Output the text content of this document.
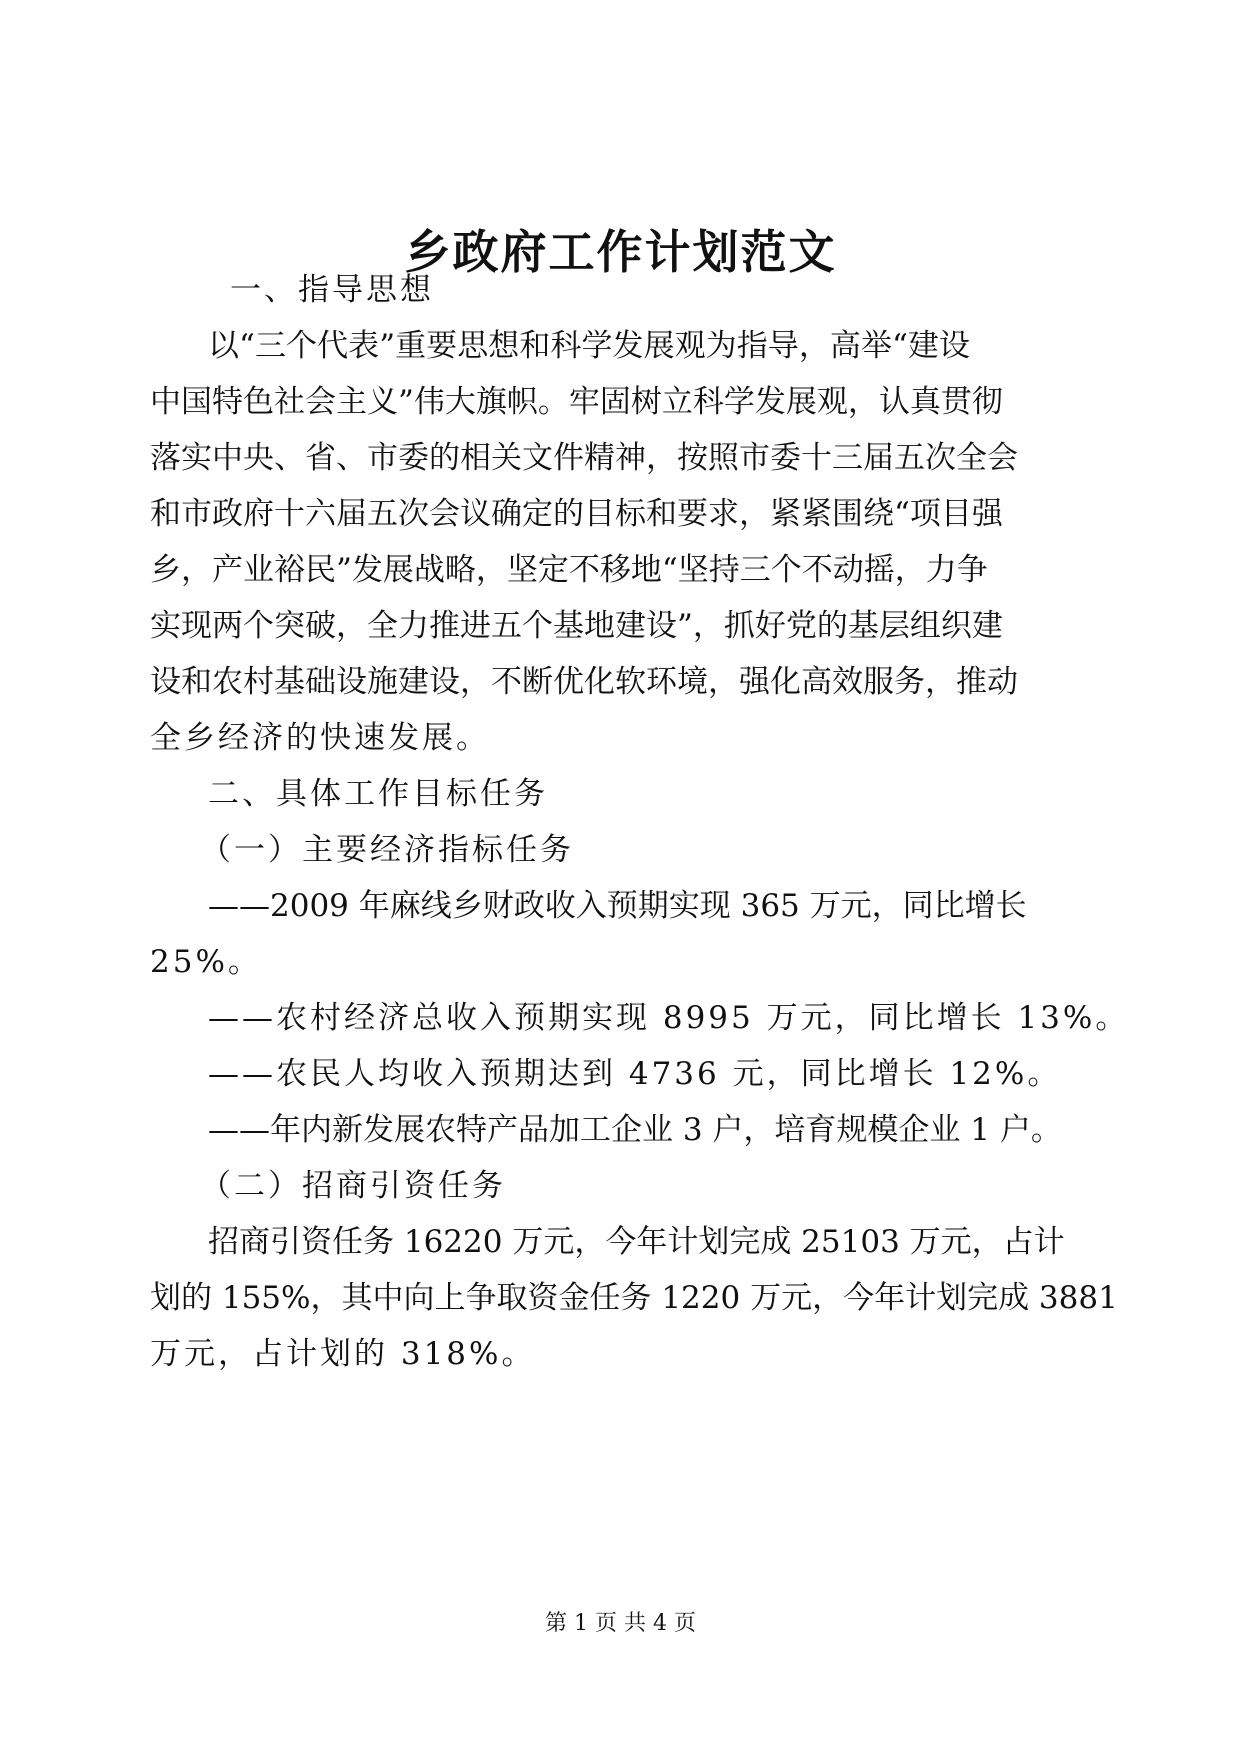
乡政府工作计划范文
一、指导思想
以“三个代表”重要思想和科学发展观为指导，高举“建设
中国特色社会主义”伟大旗帜。牢固树立科学发展观，认真贯彻
落实中央、省、市委的相关文件精神，按照市委十三届五次全会
和市政府十六届五次会议确定的目标和要求，紧紧围绕“项目强
乡，产业裕民”发展战略，坚定不移地“坚持三个不动摇，力争
实现两个突破，全力推进五个基地建设”，抓好党的基层组织建
设和农村基础设施建设，不断优化软环境，强化高效服务，推动
全乡经济的快速发展。
二、具体工作目标任务
（一）主要经济指标任务
——2009 年麻线乡财政收入预期实现 365 万元，同比增长
25%。
——农村经济总收入预期实现 8995 万元，同比增长 13%。
——农民人均收入预期达到 4736 元，同比增长 12%。
——年内新发展农特产品加工企业 3 户，培育规模企业 1 户。
（二）招商引资任务
招商引资任务 16220 万元，今年计划完成 25103 万元，占计
划的 155%，其中向上争取资金任务 1220 万元，今年计划完成 3881
万元，占计划的 318%。
第 1 页 共 4 页
